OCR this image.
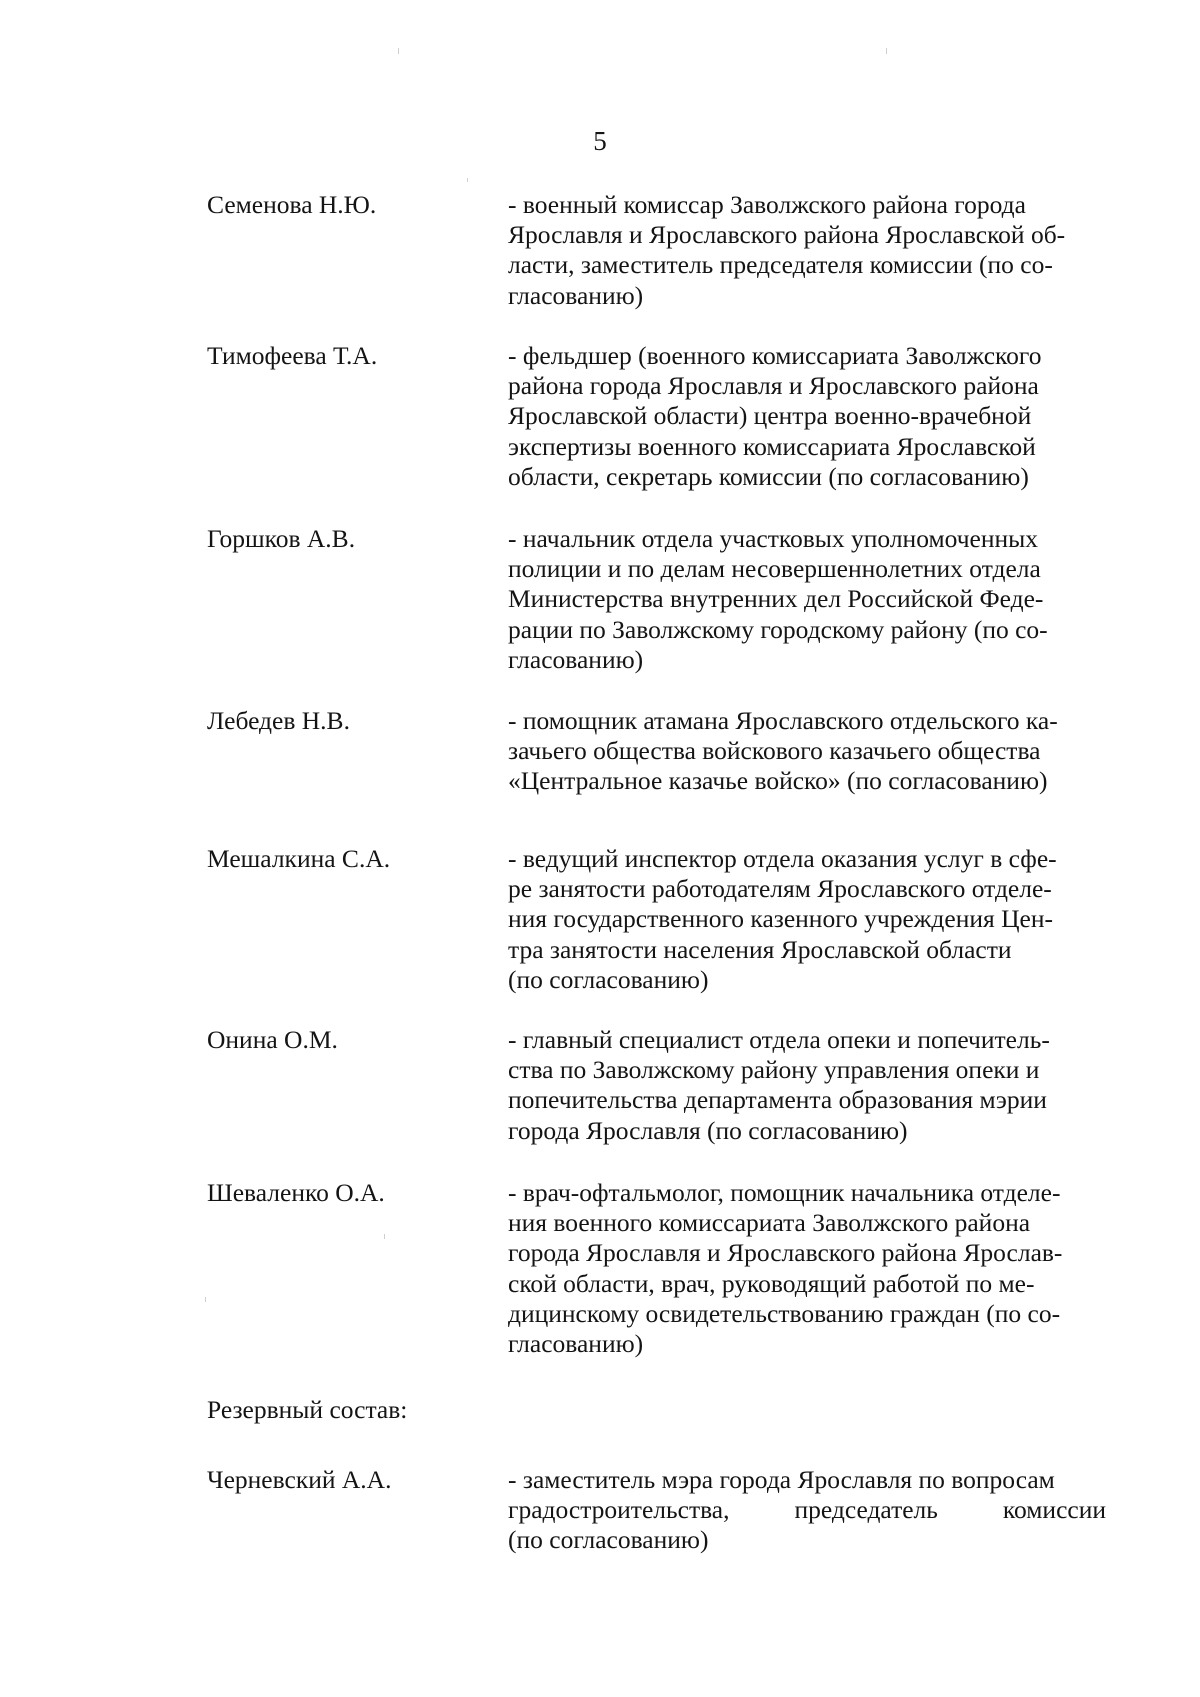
5
Семенова Н.Ю.	- военный комиссар Заволжского района города
Ярославля и Ярославского района Ярославской об-
ласти, заместитель председателя комиссии (по со-
гласованию)
Тимофеева Т.А.	- фельдшер (военного комиссариата Заволжского
района города Ярославля и Ярославского района
Ярославской области) центра военно-врачебной
экспертизы военного комиссариата Ярославской
области, секретарь комиссии (по согласованию)
Горшков А.В.	- начальник отдела участковых уполномоченных
полиции и по делам несовершеннолетних отдела
Министерства внутренних дел Российской Феде-
рации по Заволжскому городскому району (по со-
гласованию)
Лебедев Н.В.	- помощник атамана Ярославского отдельского ка-
зачьего общества войскового казачьего общества
«Центральное казачье войско» (по согласованию)
Мешалкина С.А.	- ведущий инспектор отдела оказания услуг в сфе-
ре занятости работодателям Ярославского отделе-
ния государственного казенного учреждения Цен-
тра занятости населения Ярославской области
(по согласованию)
Онина О.М.	- главный специалист отдела опеки и попечитель-
ства по Заволжскому району управления опеки и
попечительства департамента образования мэрии
города Ярославля (по согласованию)
Шеваленко О.А.	- врач-офтальмолог, помощник начальника отделе-
ния военного комиссариата Заволжского района
города Ярославля и Ярославского района Ярослав-
ской области, врач, руководящий работой по ме-
дицинскому освидетельствованию граждан (по со-
гласованию)
Резервный состав:
Черневский А.А.	- заместитель мэра города Ярославля по вопросам
градостроительства, председатель комиссии
(по согласованию)
